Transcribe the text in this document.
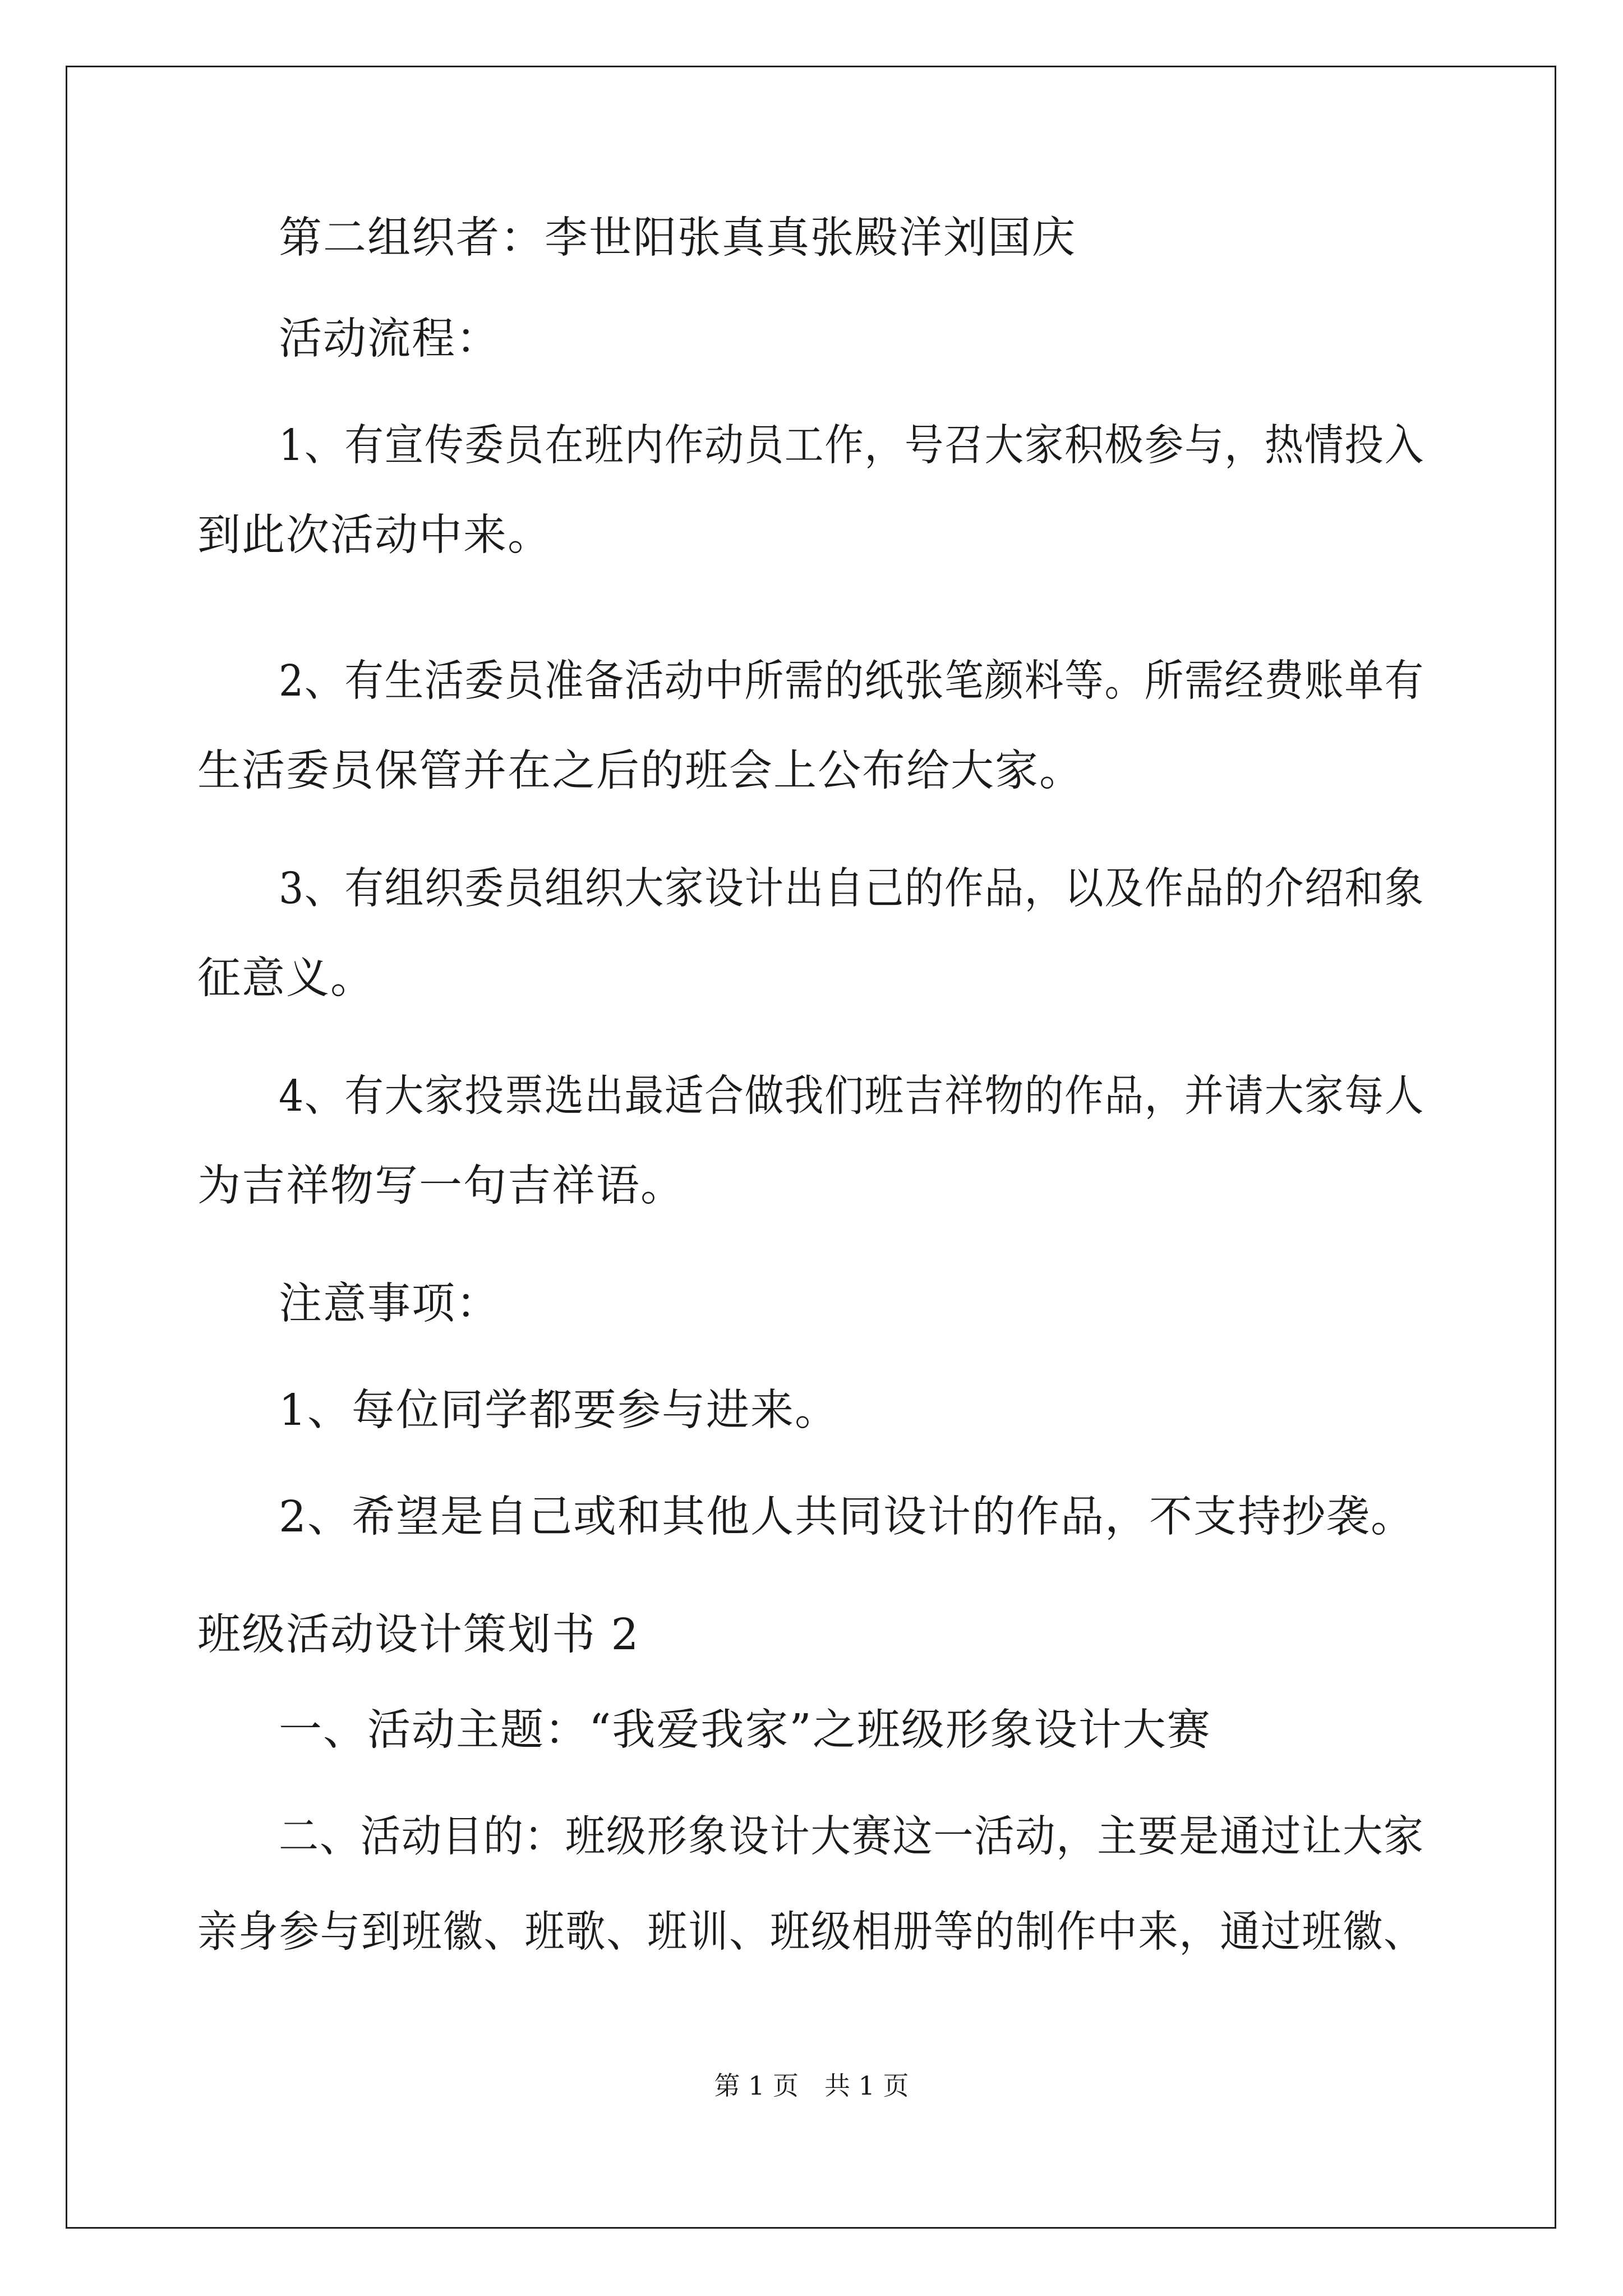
第二组织者：李世阳张真真张殿洋刘国庆
活动流程：
1、有宣传委员在班内作动员工作，号召大家积极参与，热情投入
到此次活动中来。
2、有生活委员准备活动中所需的纸张笔颜料等。所需经费账单有
生活委员保管并在之后的班会上公布给大家。
3、有组织委员组织大家设计出自己的作品，以及作品的介绍和象
征意义。
4、有大家投票选出最适合做我们班吉祥物的作品，并请大家每人
为吉祥物写一句吉祥语。
注意事项：
1、每位同学都要参与进来。
2、希望是自己或和其他人共同设计的作品，不支持抄袭。
班级活动设计策划书 2
一、活动主题：“我爱我家”之班级形象设计大赛
二、活动目的：班级形象设计大赛这一活动，主要是通过让大家
亲身参与到班徽、班歌、班训、班级相册等的制作中来，通过班徽、
第 1 页 共 1 页
